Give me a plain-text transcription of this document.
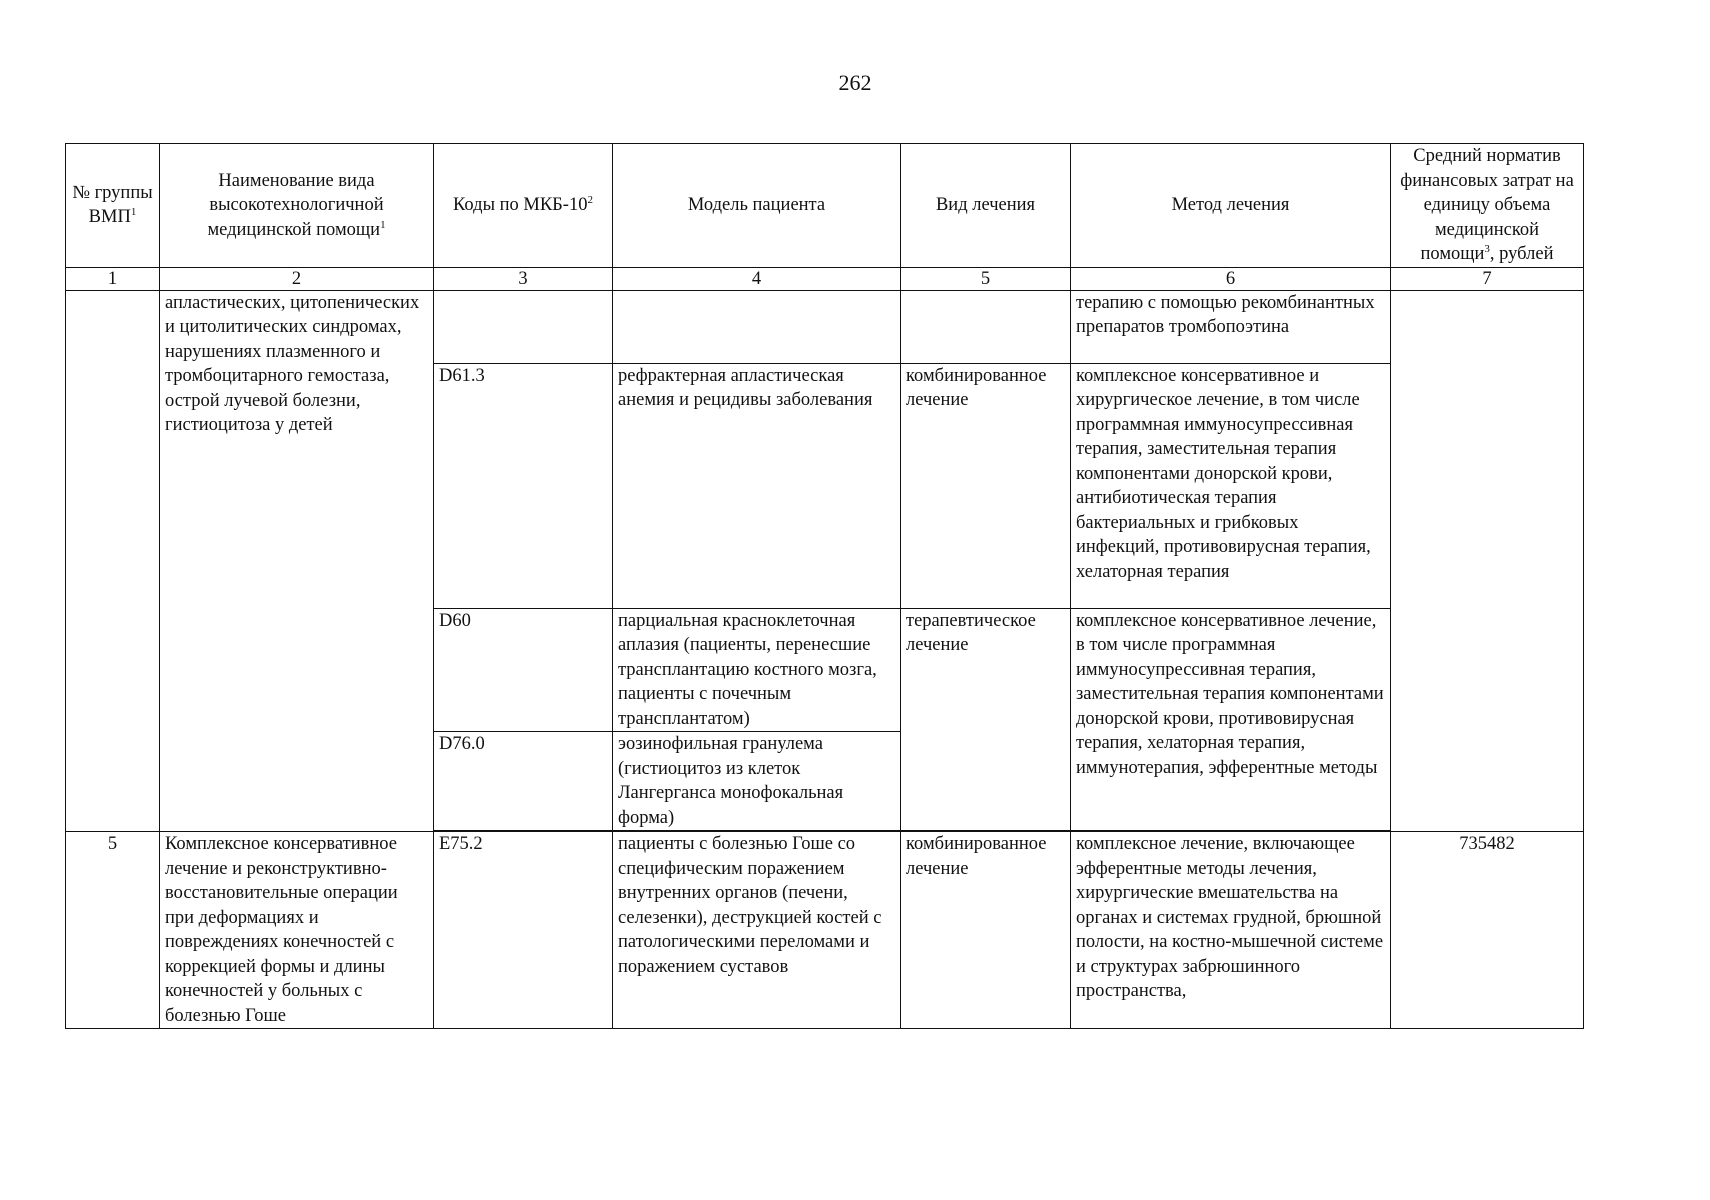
262
№ группы ВМП$^1$	Наименование вида высокотехнологичной медицинской помощи$^1$	Коды по МКБ-$10^2$	Модель пациента	Вид лечения	Метод лечения	Средний норматив финансовых затрат на единицу объема медицинской помощи$^3$, рублей
1	2	3	4	5	6	7
	апластических, цитопенических и цитолитических синдромах, нарушениях плазменного и тромбоцитарного гемостаза, острой лучевой болезни, гистиоцитоза у детей				терапию с помощью рекомбинантных препаратов тромбопоэтина	
		D61.3	рефрактерная апластическая анемия и рецидивы заболевания	комбинированное лечение	комплексное консервативное и хирургическое лечение, в том числе программная иммуносупрессивная терапия, заместительная терапия компонентами донорской крови, антибиотическая терапия бактериальных и грибковых инфекций, противовирусная терапия, хелаторная терапия	
		D60	парциальная красноклеточная аплазия (пациенты, перенесшие трансплантацию костного мозга, пациенты с почечным трансплантатом)	терапевтическое лечение	комплексное консервативное лечение, в том числе программная иммуносупрессивная терапия, заместительная терапия компонентами донорской крови, противовирусная терапия, хелаторная терапия, иммунотерапия, эфферентные методы	
		D76.0	эозинофильная гранулема (гистиоцитоз из клеток Лангерганса монофокальная форма)			

5	Комплексное консервативное лечение и реконструктивно-восстановительные операции при деформациях и повреждениях конечностей с коррекцией формы и длины конечностей у больных с болезнью Гоше	E75.2	пациенты с болезнью Гоше со специфическим поражением внутренних органов (печени, селезенки), деструкцией костей с патологическими переломами и поражением суставов	комбинированное лечение	комплексное лечение, включающее эфферентные методы лечения, хирургические вмешательства на органах и системах грудной, брюшной полости, на костно-мышечной системе и структурах забрюшинного пространства,	735482
